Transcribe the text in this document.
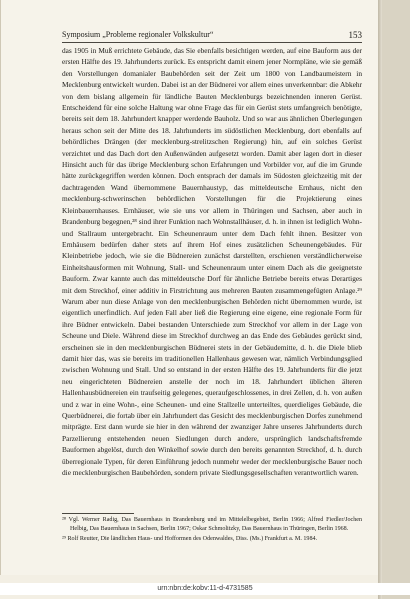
Symposium „Probleme regionaler Volkskultur“	153

das 1905 in Muß errichtete Gebäude, das Sie ebenfalls besichtigen werden, auf eine Bauform aus der ersten Hälfte des 19. Jahrhunderts zurück. Es entspricht damit einem jener Normpläne, wie sie gemäß den Vorstellungen domanialer Baubehörden seit der Zeit um 1800 von Landbaumeistern in Mecklenburg entwickelt wurden. Dabei ist an der Büdnerei vor allem eines unverkennbar: die Abkehr von dem bislang allgemein für ländliche Bauten Mecklenburgs bezeichnenden inneren Gerüst. Entscheidend für eine solche Haltung war ohne Frage das für ein Gerüst stets umfangreich benötigte, bereits seit dem 18. Jahrhundert knapper werdende Bauholz. Und so war aus ähnlichen Überlegungen heraus schon seit der Mitte des 18. Jahrhunderts im südöstlichen Mecklenburg, dort ebenfalls auf behördliches Drängen (der mecklenburg-strelitzschen Regierung) hin, auf ein solches Gerüst verzichtet und das Dach dort den Außenwänden aufgesetzt worden. Damit aber lagen dort in dieser Hinsicht auch für das übrige Mecklenburg schon Erfahrungen und Vorbilder vor, auf die im Grunde hätte zurückgegriffen werden können. Doch entsprach der damals im Südosten gleichzeitig mit der dachtragenden Wand übernommene Bauernhaustyp, das mitteldeutsche Ernhaus, nicht den mecklenburg-schwerinschen behördlichen Vorstellungen für die Projektierung eines Kleinbauernhauses. Ernhäuser, wie sie uns vor allem in Thüringen und Sachsen, aber auch in Brandenburg begegnen,²⁸ sind ihrer Funktion nach Wohnstallhäuser, d. h. in ihnen ist lediglich Wohn- und Stallraum untergebracht. Ein Scheunenraum unter dem Dach fehlt ihnen. Besitzer von Ernhäusern bedürfen daher stets auf ihrem Hof eines zusätzlichen Scheunengebäudes. Für Kleinbetriebe jedoch, wie sie die Büdnereien zunächst darstellten, erschienen verständlicherweise Einheitshausformen mit Wohnung, Stall- und Scheunenraum unter einem Dach als die geeignetste Bauform. Zwar kannte auch das mitteldeutsche Dorf für ähnliche Betriebe bereits etwas Derartiges mit dem Streckhof, einer additiv in Firstrichtung aus mehreren Bauten zusammengefügten Anlage.²⁹ Warum aber nun diese Anlage von den mecklenburgischen Behörden nicht übernommen wurde, ist eigentlich unerfindlich. Auf jeden Fall aber ließ die Regierung eine eigene, eine regionale Form für ihre Büdner entwickeln. Dabei bestanden Unterschiede zum Streckhof vor allem in der Lage von Scheune und Diele. Während diese im Streckhof durchweg an das Ende des Gebäudes gerückt sind, erscheinen sie in den mecklenburgischen Büdnerei stets in der Gebäudemitte, d. h. die Diele blieb damit hier das, was sie bereits im traditionellen Hallenhaus gewesen war, nämlich Verbindungsglied zwischen Wohnung und Stall. Und so entstand in der ersten Hälfte des 19. Jahrhunderts für die jetzt neu eingerichteten Büdnereien anstelle der noch im 18. Jahrhundert üblichen älteren Hallenhausbüdnereien ein traufseitig gelegenes, queraufgeschlossenes, in drei Zellen, d. h. von außen und z war in eine Wohn-, eine Scheunen- und eine Stallzelle unterteiltes, querdieliges Gebäude, die Querbüdnerei, die fortab über ein Jahrhundert das Gesicht des mecklenburgischen Dorfes zunehmend mitprägte. Erst dann wurde sie hier in den während der zwanziger Jahre unseres Jahrhunderts durch Parzellierung entstehenden neuen Siedlungen durch andere, ursprünglich landschaftsfremde Bauformen abgelöst, durch den Winkelhof sowie durch den bereits genannten Streckhof, d. h. durch überregionale Typen, für deren Einführung jedoch nunmehr weder der mecklenburgische Bauer noch die mecklenburgischen Baubehörden, sondern private Siedlungsgesellschaften verantwortlich waren.

²⁸ Vgl. Werner Radig, Das Bauernhaus in Brandenburg und im Mittelelbegebiet, Berlin 1966; Alfred Fiedler/Jochen Helbig, Das Bauernhaus in Sachsen, Berlin 1967; Oskar Schmolitzky, Das Bauernhaus in Thüringen, Berlin 1968.

²⁹ Rolf Reutter, Die ländlichen Haus- und Hofformen des Odenwaldes, Diss. (Ms.) Frankfurt a. M. 1984.

urn:nbn:de:kobv:11-d-4731585
